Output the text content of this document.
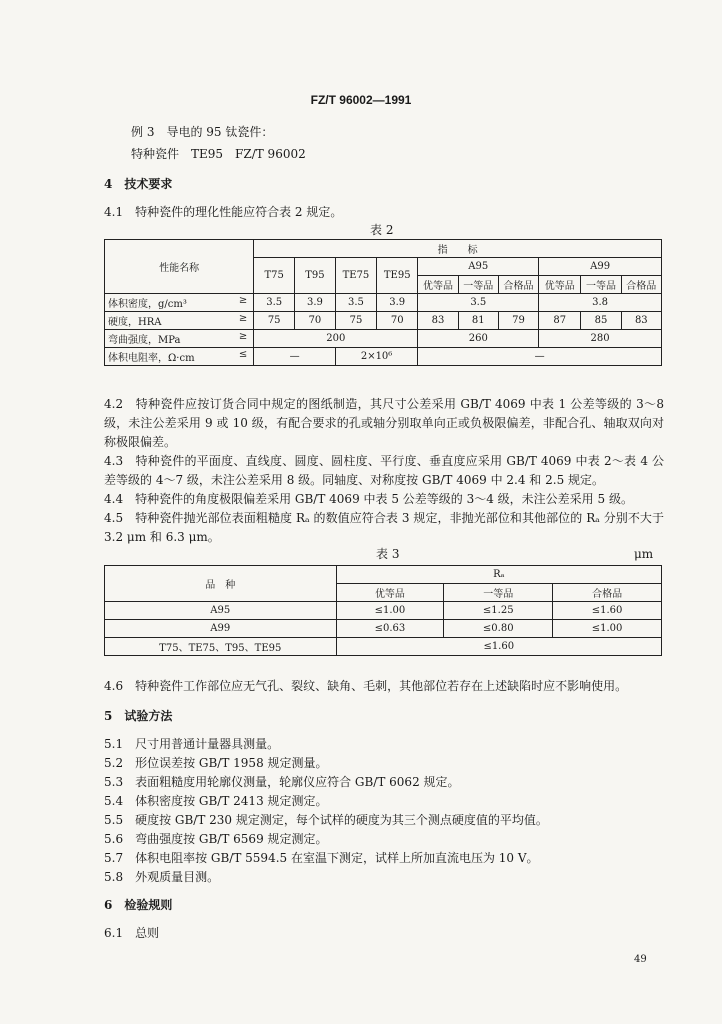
FZ/T 96002—1991
例 3　导电的 95 钛瓷件：
特种瓷件　TE95　FZ/T 96002
4　技术要求
4.1　特种瓷件的理化性能应符合表 2 规定。
表 2
性能名称	指　　标									
	T75	T95	TE75	TE95	A95			A99		
					优等品	一等品	合格品	优等品	一等品	合格品
体积密度，g/cm³ ≥	3.5	3.9	3.5	3.9	3.5			3.8		
硬度，HRA ≥	75	70	75	70	83	81	79	87	85	83
弯曲强度，MPa ≥	200				260			280		
体积电阻率，Ω·cm ≤	—		2×10⁶		—					
4.2　特种瓷件应按订货合同中规定的图纸制造，其尺寸公差采用 GB/T 4069 中表 1 公差等级的 3～8 级，未注公差采用 9 或 10 级，有配合要求的孔或轴分别取单向正或负极限偏差，非配合孔、轴取双向对称极限偏差。
4.3　特种瓷件的平面度、直线度、圆度、圆柱度、平行度、垂直度应采用 GB/T 4069 中表 2～表 4 公差等级的 4～7 级，未注公差采用 8 级。同轴度、对称度按 GB/T 4069 中 2.4 和 2.5 规定。
4.4　特种瓷件的角度极限偏差采用 GB/T 4069 中表 5 公差等级的 3～4 级，未注公差采用 5 级。
4.5　特种瓷件抛光部位表面粗糙度 Rₐ 的数值应符合表 3 规定，非抛光部位和其他部位的 Rₐ 分别不大于 3.2 μm 和 6.3 μm。
表 3	μm
品　种	Rₐ		
	优等品	一等品	合格品
A95	≤1.00	≤1.25	≤1.60
A99	≤0.63	≤0.80	≤1.00
T75、TE75、T95、TE95	≤1.60		
4.6　特种瓷件工作部位应无气孔、裂纹、缺角、毛刺，其他部位若存在上述缺陷时应不影响使用。
5　试验方法
5.1　尺寸用普通计量器具测量。
5.2　形位误差按 GB/T 1958 规定测量。
5.3　表面粗糙度用轮廓仪测量，轮廓仪应符合 GB/T 6062 规定。
5.4　体积密度按 GB/T 2413 规定测定。
5.5　硬度按 GB/T 230 规定测定，每个试样的硬度为其三个测点硬度值的平均值。
5.6　弯曲强度按 GB/T 6569 规定测定。
5.7　体积电阻率按 GB/T 5594.5 在室温下测定，试样上所加直流电压为 10 V。
5.8　外观质量目测。
6　检验规则
6.1　总则
49
